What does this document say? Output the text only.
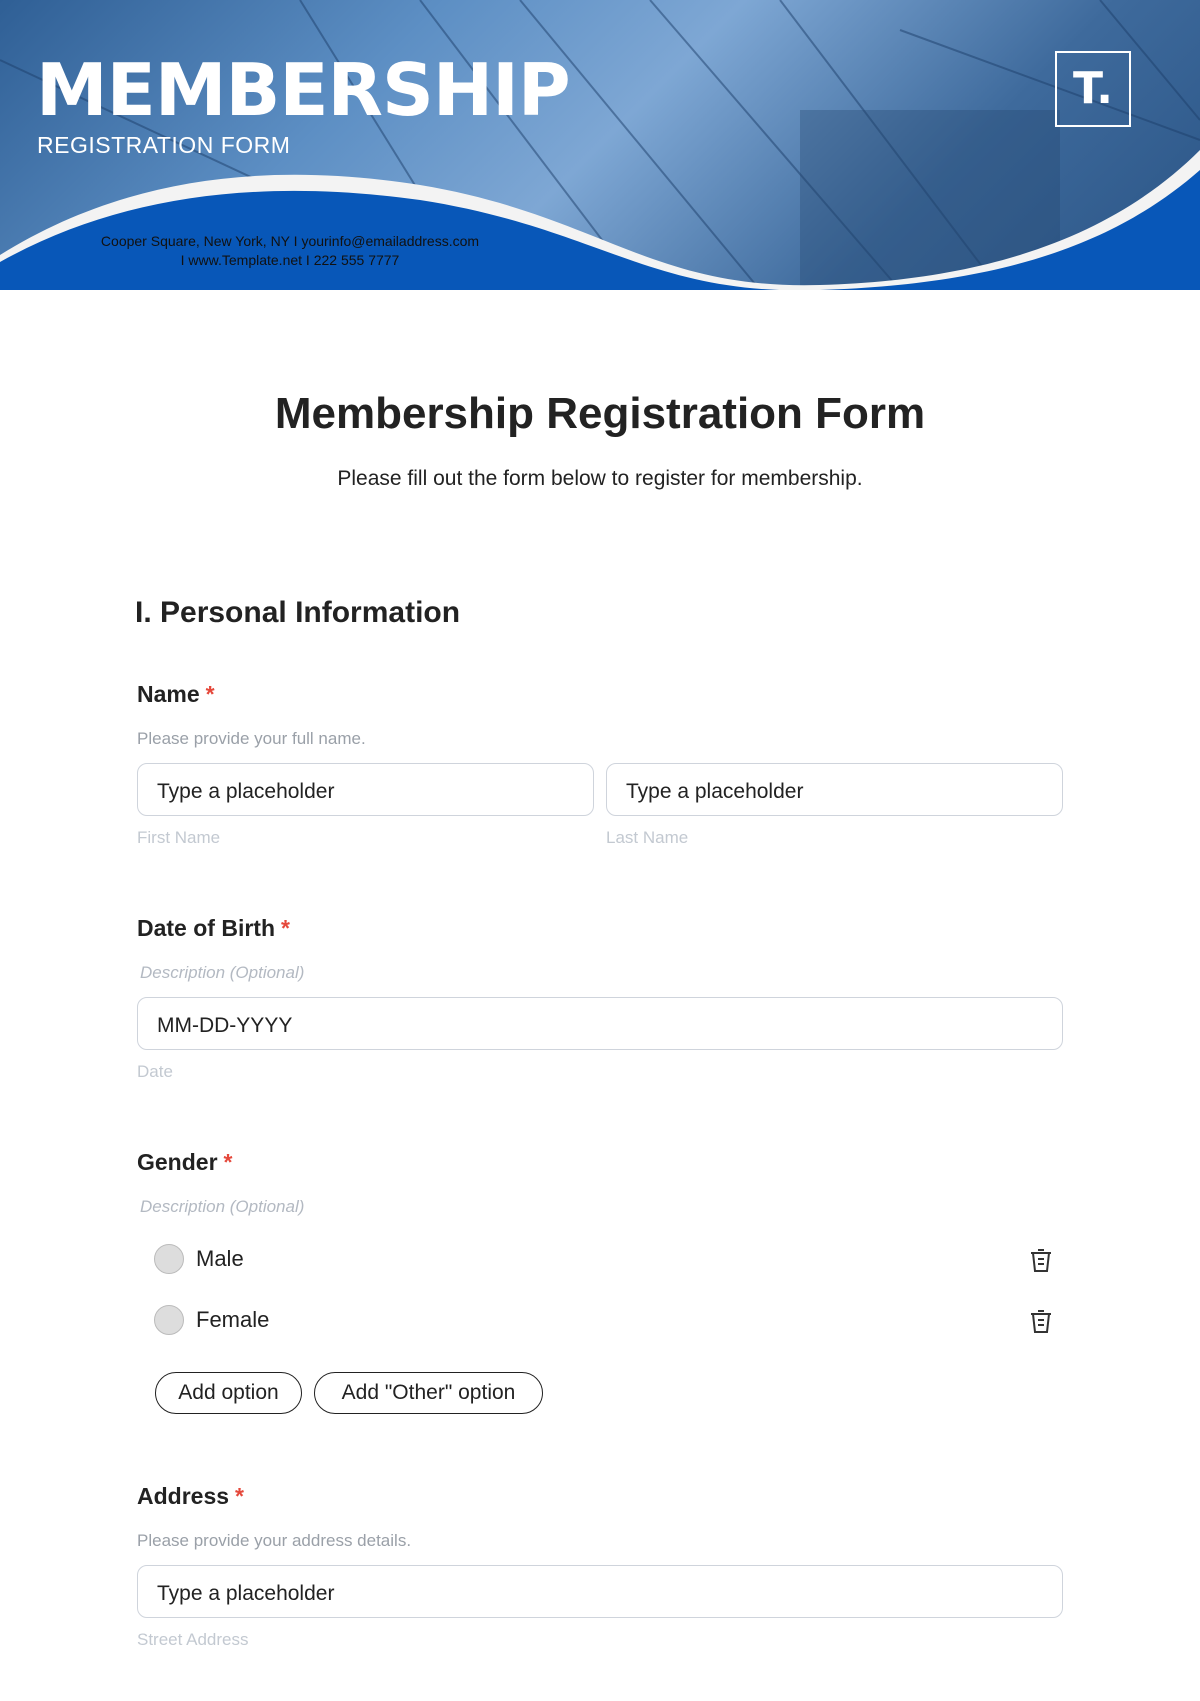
MEMBERSHIP
REGISTRATION FORM
Cooper Square, New York, NY I yourinfo@emailaddress.com
I www.Template.net I 222 555 7777
T.
Membership Registration Form
Please fill out the form below to register for membership.
I. Personal Information
Name *
Please provide your full name.
Type a placeholder	Type a placeholder
First Name	Last Name
Date of Birth *
Description (Optional)
MM-DD-YYYY
Date
Gender *
Description (Optional)
Male
Female
Add option	Add "Other" option
Address *
Please provide your address details.
Type a placeholder
Street Address
